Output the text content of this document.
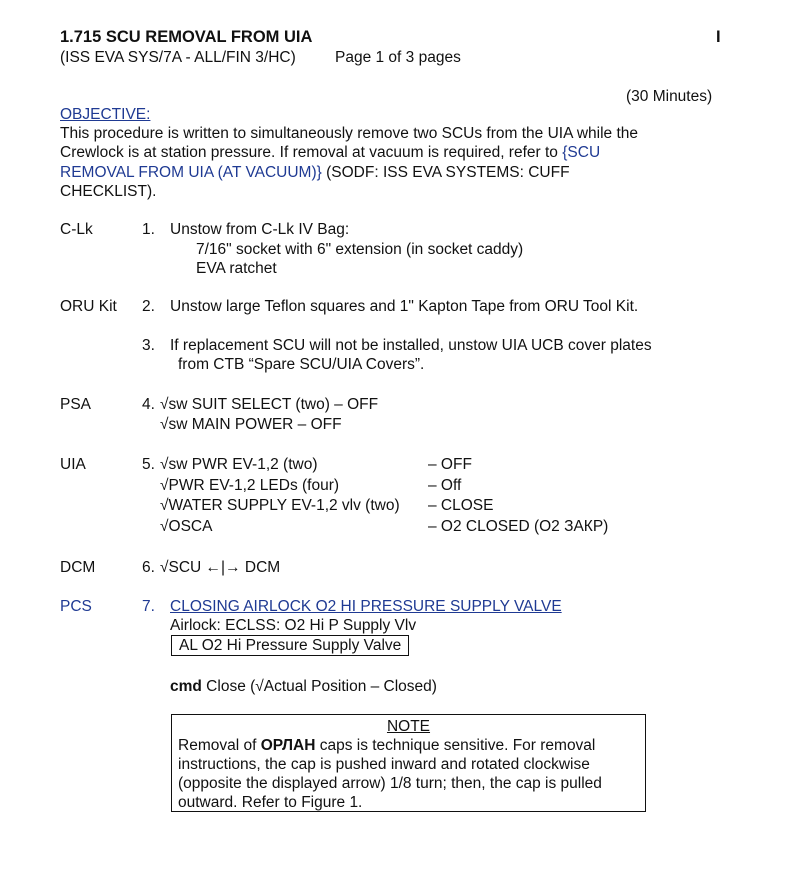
1.715 SCU REMOVAL FROM UIA	I
(ISS EVA SYS/7A - ALL/FIN 3/HC)	Page 1 of 3 pages
(30 Minutes)
OBJECTIVE:
This procedure is written to simultaneously remove two SCUs from the UIA while the
Crewlock is at station pressure. If removal at vacuum is required, refer to {SCU
REMOVAL FROM UIA (AT VACUUM)} (SODF: ISS EVA SYSTEMS: CUFF
CHECKLIST).
C-Lk	1. Unstow from C-Lk IV Bag:
7/16" socket with 6" extension (in socket caddy)
EVA ratchet
ORU Kit 2. Unstow large Teflon squares and 1" Kapton Tape from ORU Tool Kit.
3. If replacement SCU will not be installed, unstow UIA UCB cover plates
from CTB “Spare SCU/UIA Covers”.
PSA	4. √sw SUIT SELECT (two) – OFF
√sw MAIN POWER – OFF
UIA	5. √sw PWR EV-1,2 (two)	– OFF
√PWR EV-1,2 LEDs (four)	– Off
√WATER SUPPLY EV-1,2 vlv (two) – CLOSE
√OSCA	– O2 CLOSED (O2 ЗАКР)
DCM	6. √SCU ←|→ DCM
PCS	7. CLOSING AIRLOCK O2 HI PRESSURE SUPPLY VALVE
Airlock: ECLSS: O2 Hi P Supply Vlv
AL O2 Hi Pressure Supply Valve
cmd Close (√Actual Position – Closed)
NOTE
Removal of ОРЛАН caps is technique sensitive. For removal
instructions, the cap is pushed inward and rotated clockwise
(opposite the displayed arrow) 1/8 turn; then, the cap is pulled
outward. Refer to Figure 1.
